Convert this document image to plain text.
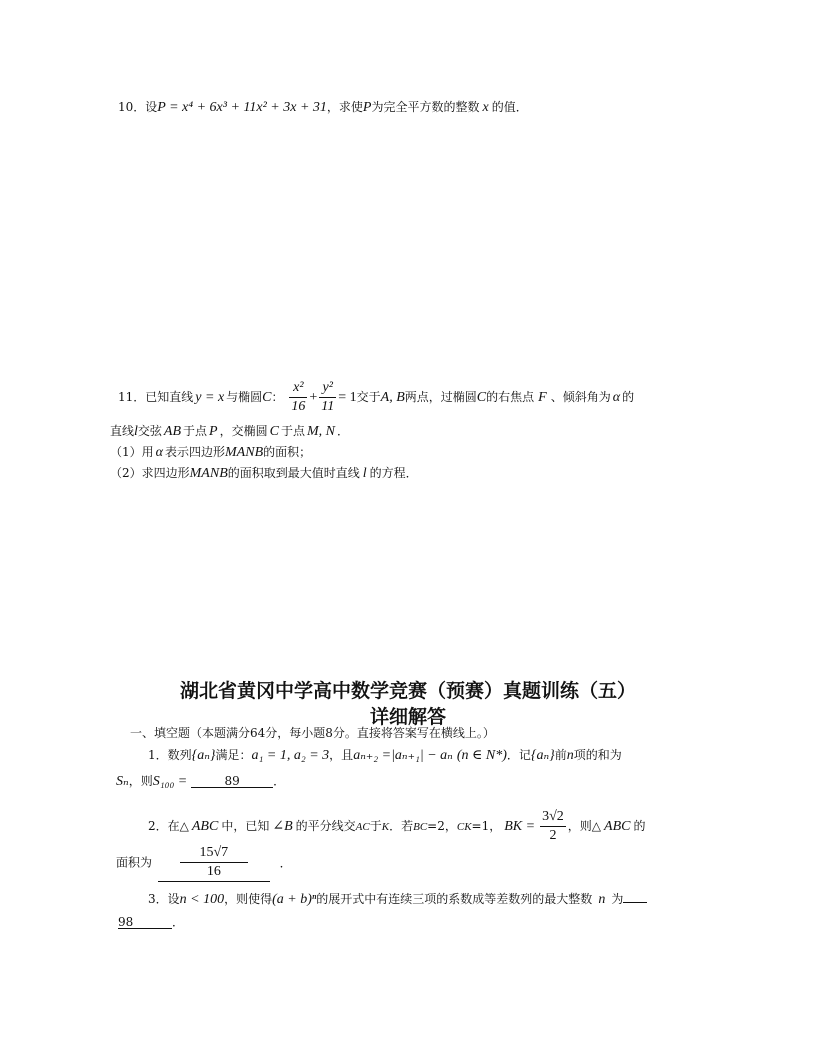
10．设P = x⁴ + 6x³ + 11x² + 3x + 31，求使P为完全平方数的整数 x 的值．
11．已知直线 y = x 与椭圆C： $\frac{\text{x²}}{16} + \frac{\text{y²}}{11} = 1$交于A, B两点，过椭圆C的右焦点 F 、倾斜角为 α 的
直线l交弦 AB 于点 P ，交椭圆 C 于点 M, N ．
（1）用 α 表示四边形MANB的面积；
（2）求四边形MANB的面积取到最大值时直线 l 的方程．
湖北省黄冈中学高中数学竞赛（预赛）真题训练（五）
详细解答
一、填空题（本题满分64分，每小题8分。直接将答案写在横线上。）
1．数列{aₙ}满足：a₁ = 1, a₂ = 3，且aₙ₊₂ =|aₙ₊₁| − aₙ (n ∈ N*)．记{aₙ}前n项的和为
Sₙ，则S₁₀₀ =	89	．
2．在△ ABC 中，已知 ∠B 的平分线交AC于K．若BC=2，CK=1， BK = $\frac{3√2}{2}$ ，则△ ABC 的
面积为 $\frac{15√7}{16}$ ．
3．设n < 100，则使得(a + b)ⁿ的展开式中有连续三项的系数成等差数列的最大整数 n 为
98	．
